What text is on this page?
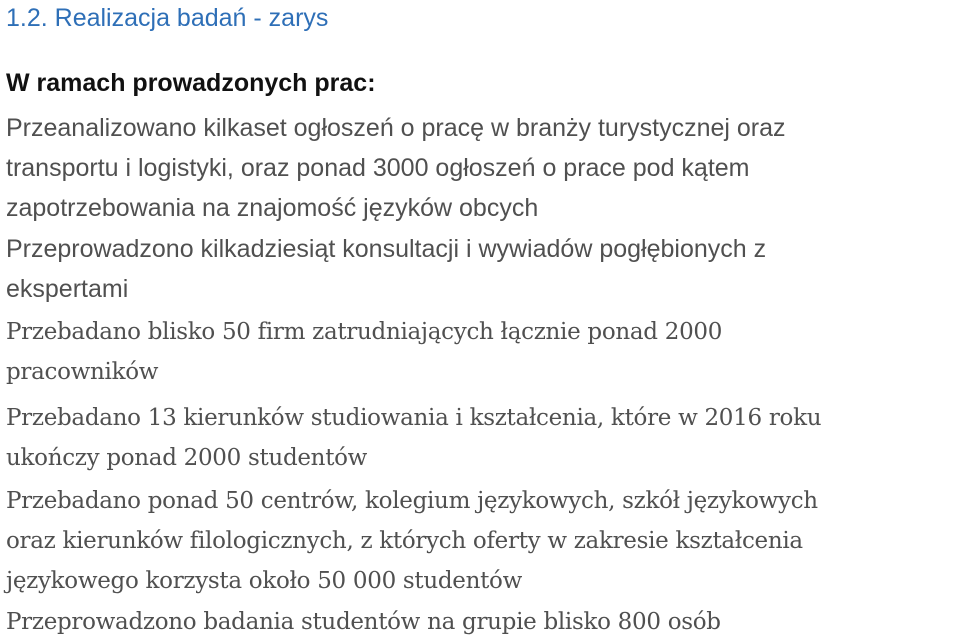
1.2. Realizacja badań - zarys
W ramach prowadzonych prac:

Przeanalizowano kilkaset ogłoszeń o pracę w branży turystycznej oraz
transportu i logistyki, oraz ponad 3000 ogłoszeń o prace pod kątem
zapotrzebowania na znajomość języków obcych

Przeprowadzono kilkadziesiąt konsultacji i wywiadów pogłębionych z
ekspertami

Przebadano blisko 50 firm zatrudniających łącznie ponad 2000
pracowników

Przebadano 13 kierunków studiowania i kształcenia, które w 2016 roku
ukończy ponad 2000 studentów

Przebadano ponad 50 centrów, kolegium językowych, szkół językowych
oraz kierunków filologicznych, z których oferty w zakresie kształcenia
językowego korzysta około 50 000 studentów

Przeprowadzono badania studentów na grupie blisko 800 osób
